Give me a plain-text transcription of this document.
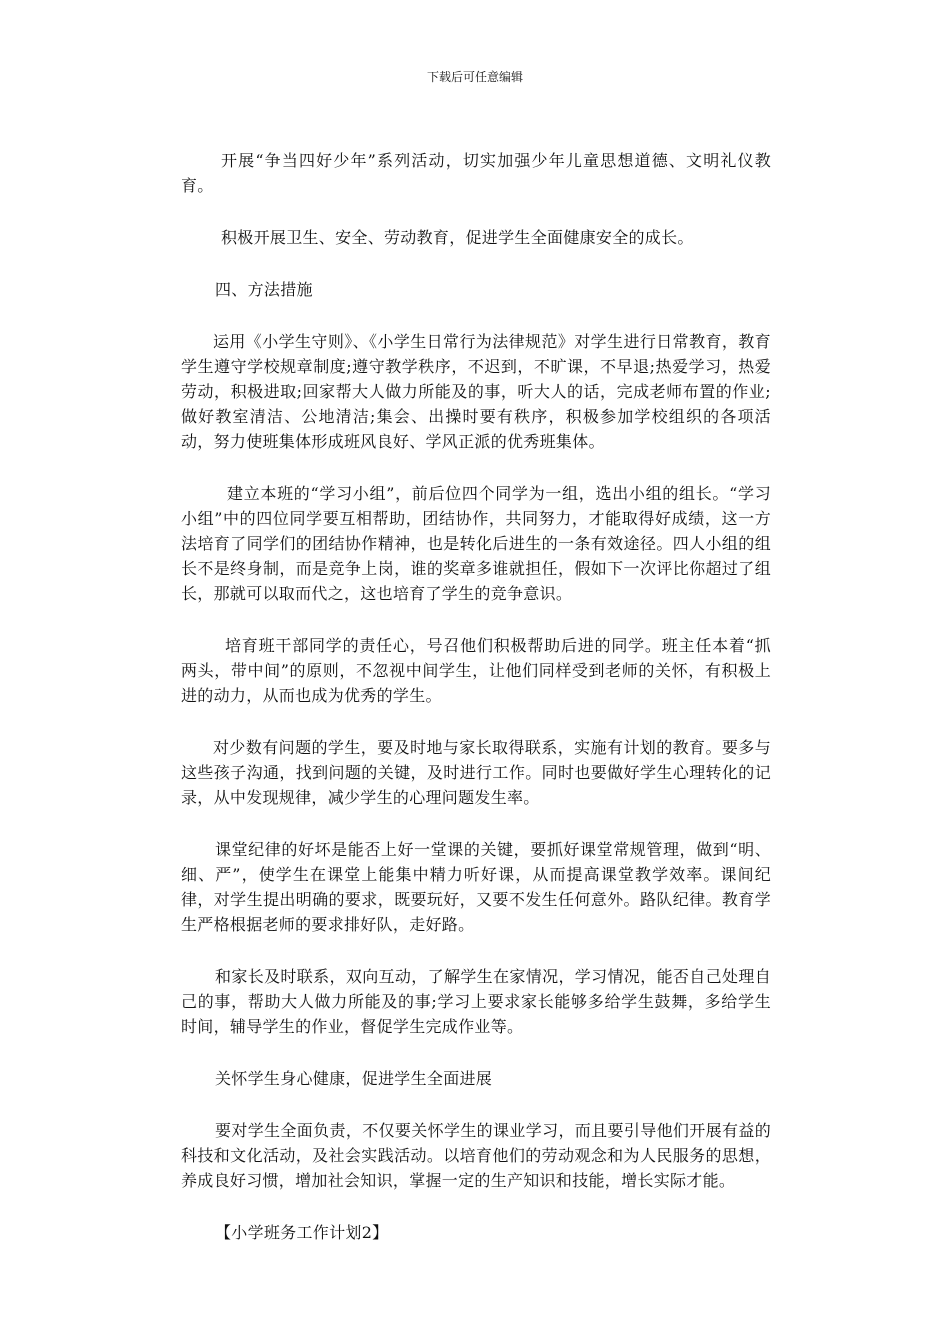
下载后可任意编辑

开展“争当四好少年”系列活动，切实加强少年儿童思想道德、文明礼仪教育。

积极开展卫生、安全、劳动教育，促进学生全面健康安全的成长。

四、方法措施

运用《小学生守则》、《小学生日常行为法律规范》对学生进行日常教育，教育学生遵守学校规章制度;遵守教学秩序，不迟到，不旷课，不早退;热爱学习，热爱劳动，积极进取;回家帮大人做力所能及的事，听大人的话，完成老师布置的作业;做好教室清洁、公地清洁;集会、出操时要有秩序，积极参加学校组织的各项活动，努力使班集体形成班风良好、学风正派的优秀班集体。

建立本班的“学习小组”，前后位四个同学为一组，选出小组的组长。“学习小组”中的四位同学要互相帮助，团结协作，共同努力，才能取得好成绩，这一方法培育了同学们的团结协作精神，也是转化后进生的一条有效途径。四人小组的组长不是终身制，而是竞争上岗，谁的奖章多谁就担任，假如下一次评比你超过了组长，那就可以取而代之，这也培育了学生的竞争意识。

培育班干部同学的责任心，号召他们积极帮助后进的同学。班主任本着“抓两头，带中间”的原则，不忽视中间学生，让他们同样受到老师的关怀，有积极上进的动力，从而也成为优秀的学生。

对少数有问题的学生，要及时地与家长取得联系，实施有计划的教育。要多与这些孩子沟通，找到问题的关键，及时进行工作。同时也要做好学生心理转化的记录，从中发现规律，减少学生的心理问题发生率。

课堂纪律的好坏是能否上好一堂课的关键，要抓好课堂常规管理，做到“明、细、严”，使学生在课堂上能集中精力听好课，从而提高课堂教学效率。课间纪律，对学生提出明确的要求，既要玩好，又要不发生任何意外。路队纪律。教育学生严格根据老师的要求排好队，走好路。

和家长及时联系，双向互动，了解学生在家情况，学习情况，能否自己处理自己的事，帮助大人做力所能及的事;学习上要求家长能够多给学生鼓舞，多给学生时间，辅导学生的作业，督促学生完成作业等。

关怀学生身心健康，促进学生全面进展

要对学生全面负责，不仅要关怀学生的课业学习，而且要引导他们开展有益的科技和文化活动，及社会实践活动。以培育他们的劳动观念和为人民服务的思想，养成良好习惯，增加社会知识，掌握一定的生产知识和技能，增长实际才能。

【小学班务工作计划2】
